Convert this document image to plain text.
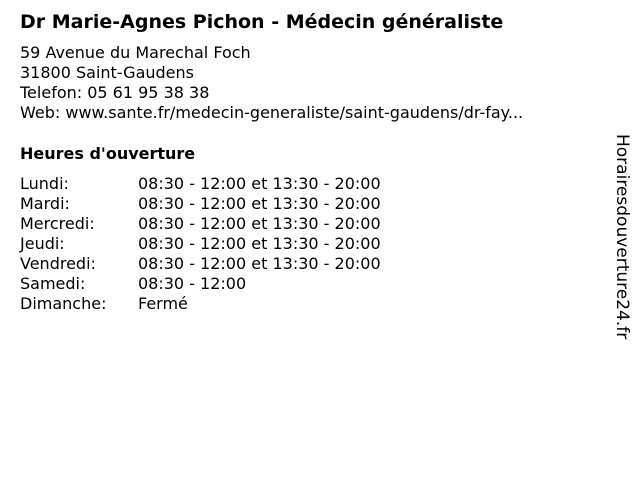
Dr Marie-Agnes Pichon - Médecin généraliste
59 Avenue du Marechal Foch
31800 Saint-Gaudens
Telefon: 05 61 95 38 38
Web: www.sante.fr/medecin-generaliste/saint-gaudens/dr-fay...
Heures d'ouverture
Lundi:	08:30 - 12:00 et 13:30 - 20:00
Mardi:	08:30 - 12:00 et 13:30 - 20:00
Mercredi:	08:30 - 12:00 et 13:30 - 20:00
Jeudi:	08:30 - 12:00 et 13:30 - 20:00
Vendredi:	08:30 - 12:00 et 13:30 - 20:00
Samedi:	08:30 - 12:00
Dimanche:	Fermé	Horairesdouverture24.fr
